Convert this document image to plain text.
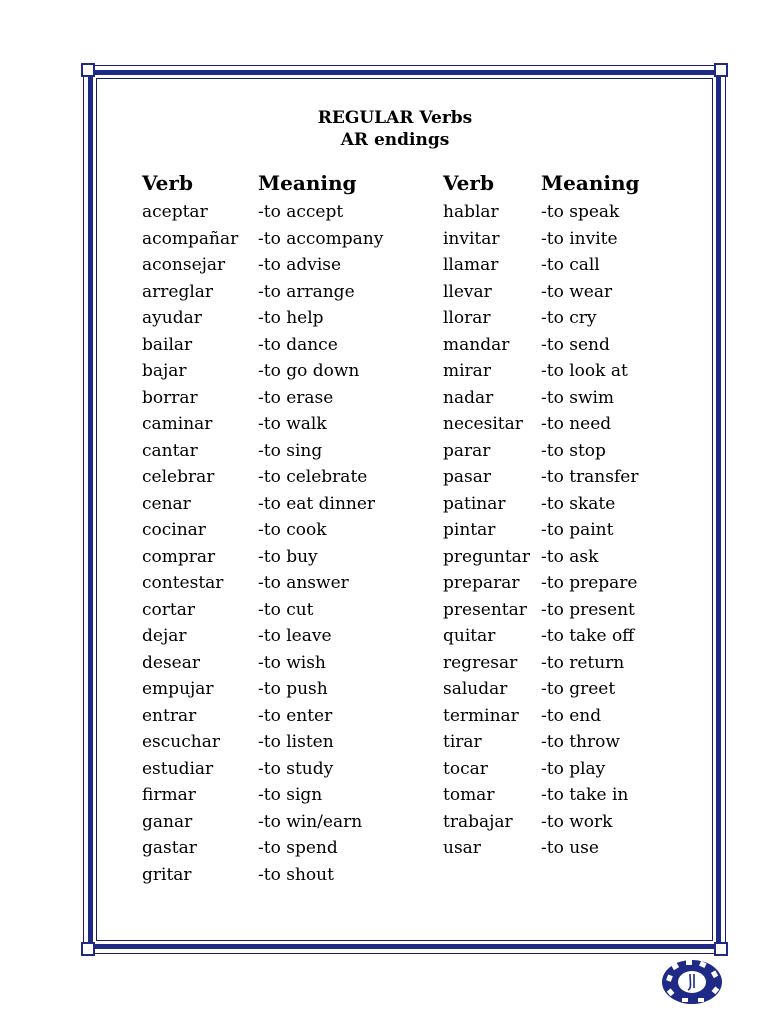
REGULAR Verbs
AR endings
Verb	Meaning	Verb Meaning
aceptar
acompañar
aconsejar
arreglar
ayudar
bailar
bajar
borrar
caminar
cantar
celebrar
cenar
cocinar
comprar
contestar
cortar
dejar
desear
empujar
entrar
escuchar
estudiar
firmar
ganar
gastar
gritar
-to accept
-to accompany
-to advise
-to arrange
-to help
-to dance
-to go down
-to erase
-to walk
-to sing
-to celebrate
-to eat dinner
-to cook
-to buy
-to answer
-to cut
-to leave
-to wish
-to push
-to enter
-to listen
-to study
-to sign
-to win/earn
-to spend
-to shout
hablar
invitar
llamar
llevar
llorar
mandar
mirar
nadar
necesitar
parar
pasar
patinar
pintar
preguntar
preparar
presentar
quitar
regresar
saludar
terminar
tirar
tocar
tomar
trabajar
usar
-to speak
-to invite
-to call
-to wear
-to cry
-to send
-to look at
-to swim
-to need
-to stop
-to transfer
-to skate
-to paint
-to ask
-to prepare
-to present
-to take off
-to return
-to greet
-to end
-to throw
-to play
-to take in
-to work
-to use
